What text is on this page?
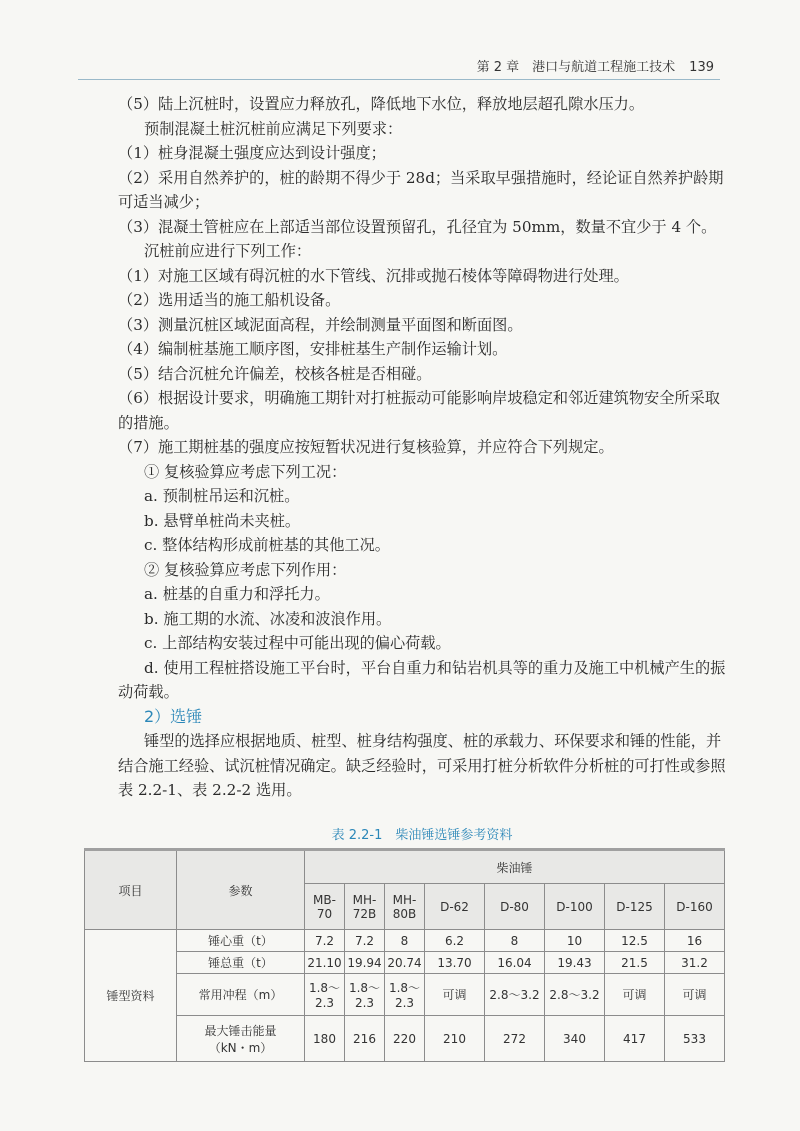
第 2 章　港口与航道工程施工技术 139

（5）陆上沉桩时，设置应力释放孔，降低地下水位，释放地层超孔隙水压力。

预制混凝土桩沉桩前应满足下列要求：

（1）桩身混凝土强度应达到设计强度；

（2）采用自然养护的，桩的龄期不得少于 28d；当采取早强措施时，经论证自然养护龄期可适当减少；

（3）混凝土管桩应在上部适当部位设置预留孔，孔径宜为 50mm，数量不宜少于 4 个。

沉桩前应进行下列工作：

（1）对施工区域有碍沉桩的水下管线、沉排或抛石棱体等障碍物进行处理。

（2）选用适当的施工船机设备。

（3）测量沉桩区域泥面高程，并绘制测量平面图和断面图。

（4）编制桩基施工顺序图，安排桩基生产制作运输计划。

（5）结合沉桩允许偏差，校核各桩是否相碰。

（6）根据设计要求，明确施工期针对打桩振动可能影响岸坡稳定和邻近建筑物安全所采取的措施。

（7）施工期桩基的强度应按短暂状况进行复核验算，并应符合下列规定。

① 复核验算应考虑下列工况：

a. 预制桩吊运和沉桩。

b. 悬臂单桩尚未夹桩。

c. 整体结构形成前桩基的其他工况。

② 复核验算应考虑下列作用：

a. 桩基的自重力和浮托力。

b. 施工期的水流、冰凌和波浪作用。

c. 上部结构安装过程中可能出现的偏心荷载。

d. 使用工程桩搭设施工平台时，平台自重力和钻岩机具等的重力及施工中机械产生的振动荷载。

2）选锤

锤型的选择应根据地质、桩型、桩身结构强度、桩的承载力、环保要求和锤的性能，并结合施工经验、试沉桩情况确定。缺乏经验时，可采用打桩分析软件分析桩的可打性或参照表 2.2-1、表 2.2-2 选用。

表 2.2-1　柴油锤选锤参考资料
项目	参数	柴油锤							

		MB-
70	MH-
72B	MH-
80B	D-62	D-80	D-100	D-125	D-160

锤型资料	锤心重（t）	7.2	7.2	8	6.2	8	10	12.5	16

	锤总重（t）	21.10	19.94	20.74	13.70	16.04	19.43	21.5	31.2

	常用冲程（m）	1.8～
2.3	1.8～
2.3	1.8～
2.3	可调	2.8～3.2	2.8～3.2	可调	可调

	最大锤击能量
（kN・m）	180	216	220	210	272	340	417	533
